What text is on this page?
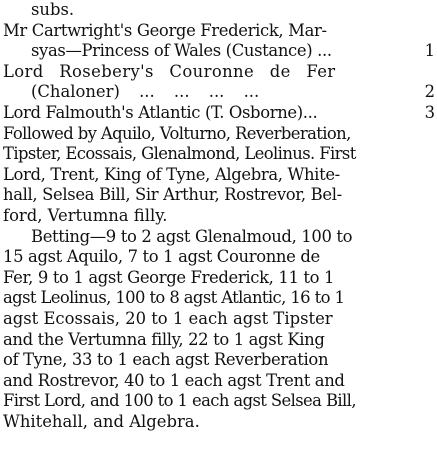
subs.
Mr Cartwright's George Frederick, Mar-
syas—Princess of Wales (Custance) ...	1
Lord Rosebery's Couronne de Fer
(Chaloner) ... ... ... ...	2
Lord Falmouth's Atlantic (T. Osborne)...	3
Followed by Aquilo, Volturno, Reverberation,
Tipster, Ecossais, Glenalmond, Leolinus. First
Lord, Trent, King of Tyne, Algebra, White-
hall, Selsea Bill, Sir Arthur, Rostrevor, Bel-
ford, Vertumna filly.
Betting—9 to 2 agst Glenalmoud, 100 to
15 agst Aquilo, 7 to 1 agst Couronne de
Fer, 9 to 1 agst George Frederick, 11 to 1
agst Leolinus, 100 to 8 agst Atlantic, 16 to 1
agst Ecossais, 20 to 1 each agst Tipster
and the Vertumna filly, 22 to 1 agst King
of Tyne, 33 to 1 each agst Reverberation
and Rostrevor, 40 to 1 each agst Trent and
First Lord, and 100 to 1 each agst Selsea Bill,
Whitehall, and Algebra.
